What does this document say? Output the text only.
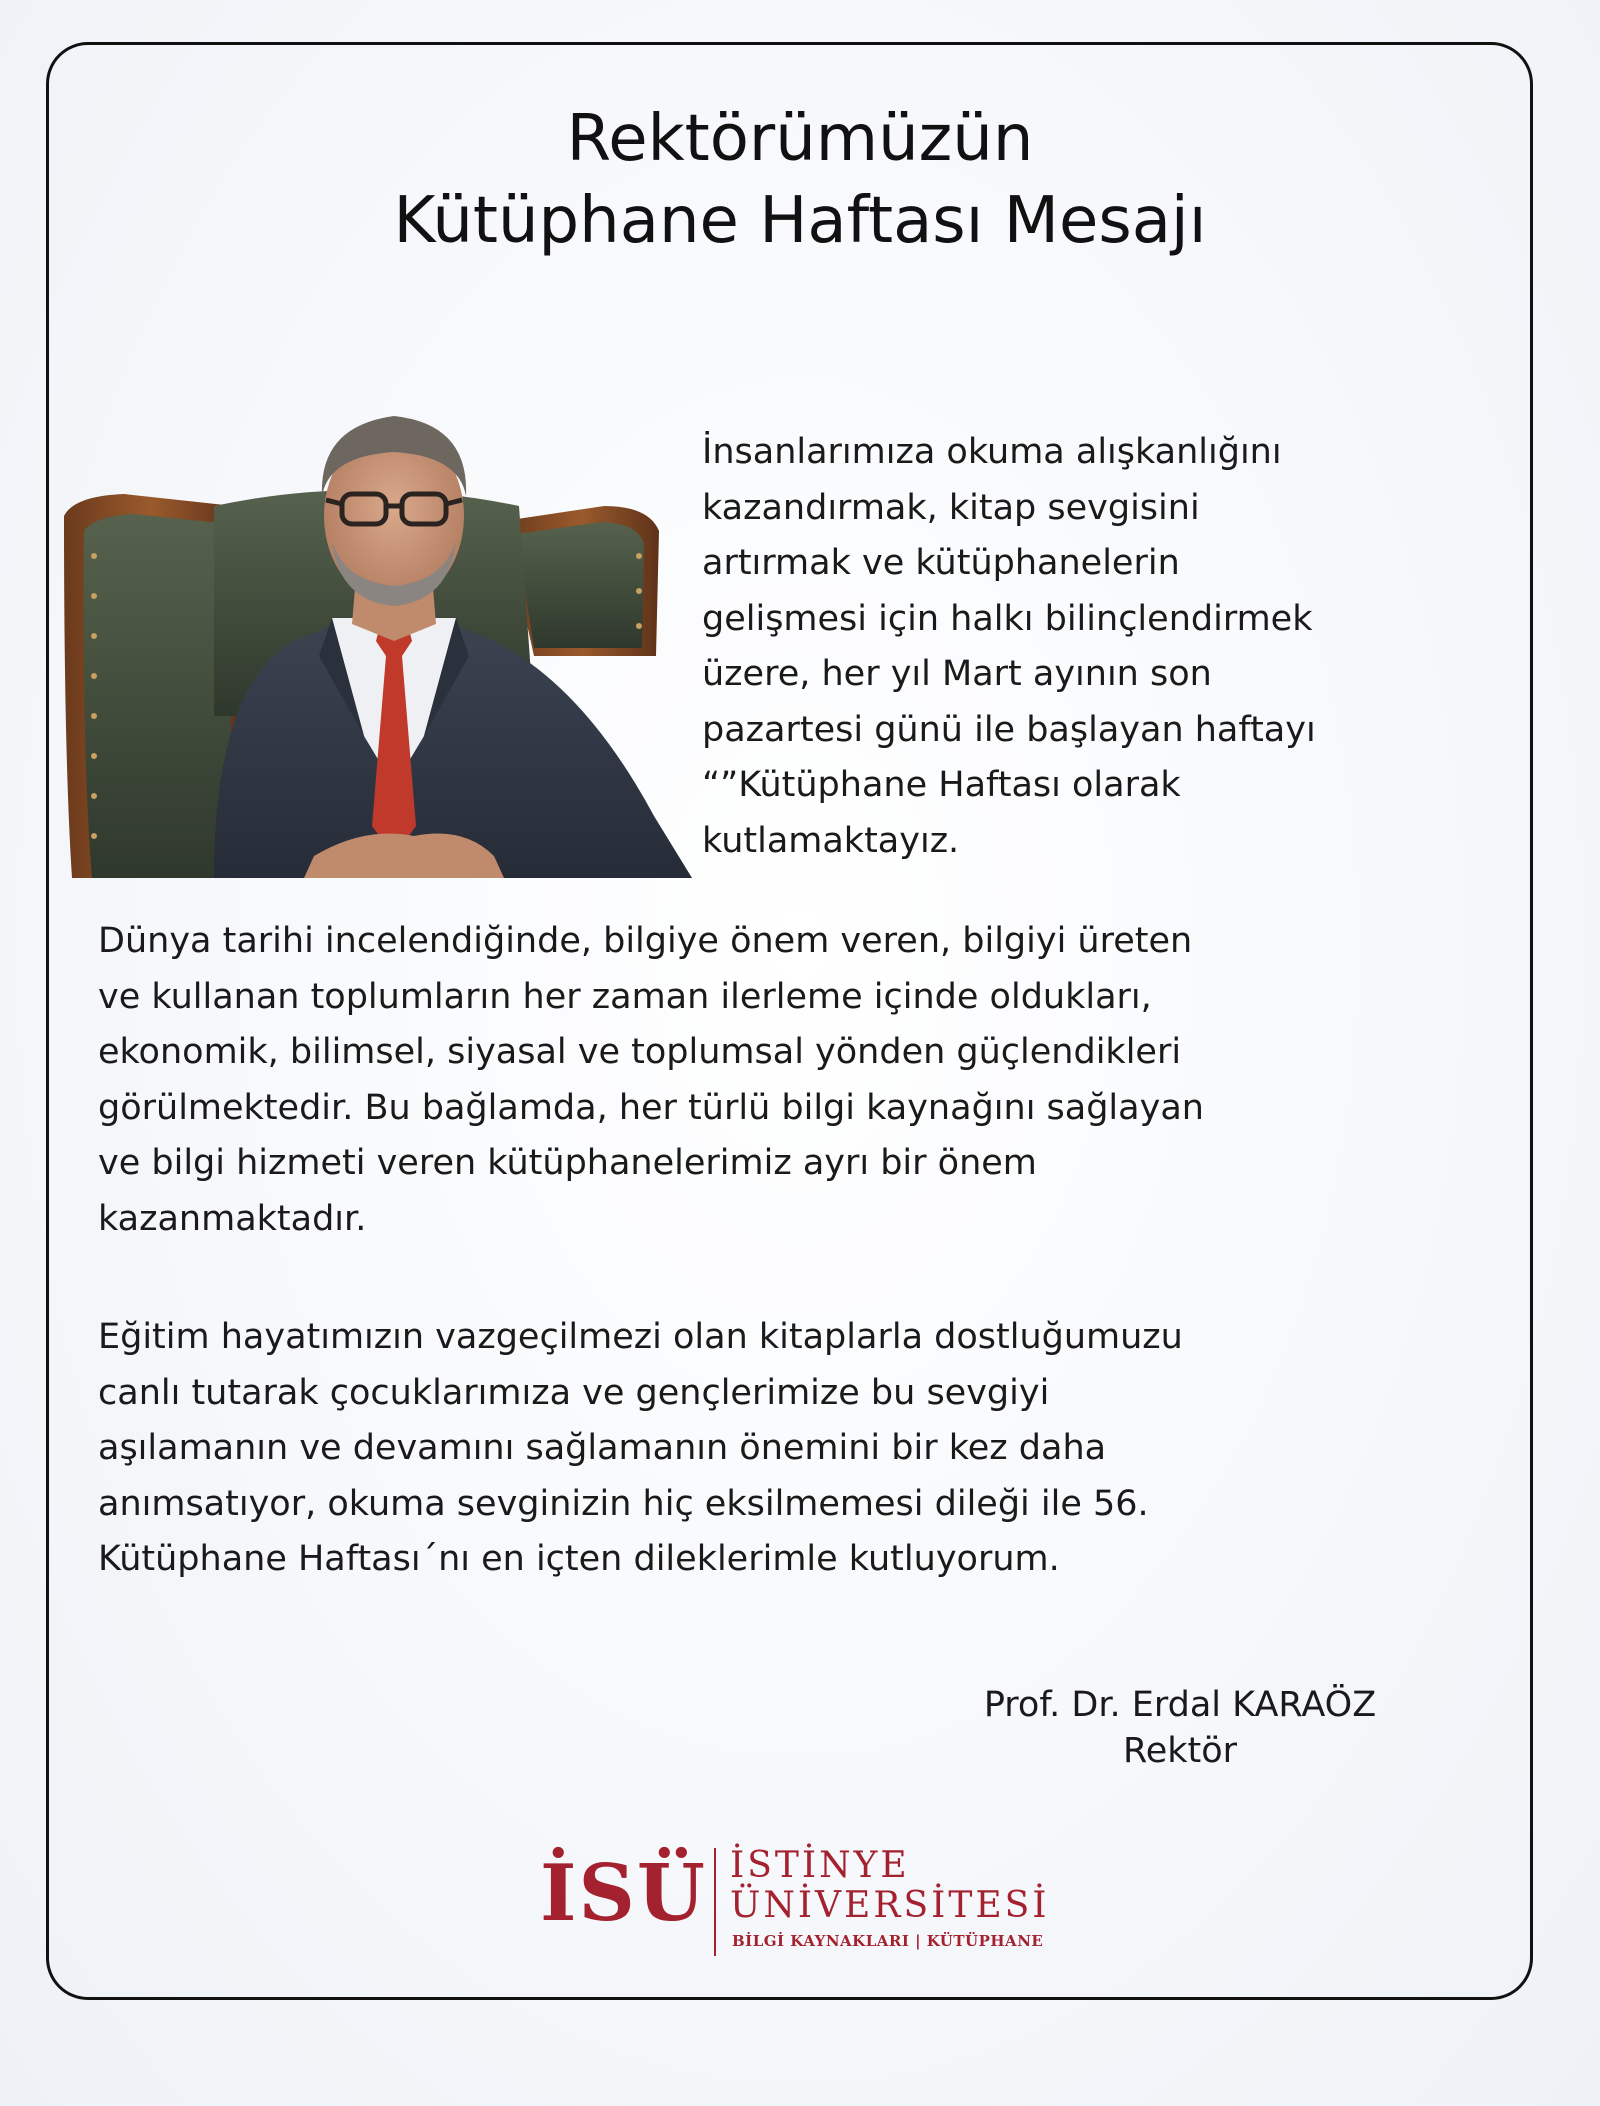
Rektörümüzün
Kütüphane Haftası Mesajı
İnsanlarımıza okuma alışkanlığını
kazandırmak, kitap sevgisini
artırmak ve kütüphanelerin
gelişmesi için halkı bilinçlendirmek
üzere, her yıl Mart ayının son
pazartesi günü ile başlayan haftayı
“”Kütüphane Haftası olarak
kutlamaktayız.
Dünya tarihi incelendiğinde, bilgiye önem veren, bilgiyi üreten
ve kullanan toplumların her zaman ilerleme içinde oldukları,
ekonomik, bilimsel, siyasal ve toplumsal yönden güçlendikleri
görülmektedir. Bu bağlamda, her türlü bilgi kaynağını sağlayan
ve bilgi hizmeti veren kütüphanelerimiz ayrı bir önem
kazanmaktadır.
Eğitim hayatımızın vazgeçilmezi olan kitaplarla dostluğumuzu
canlı tutarak çocuklarımıza ve gençlerimize bu sevgiyi
aşılamanın ve devamını sağlamanın önemini bir kez daha
anımsatıyor, okuma sevginizin hiç eksilmemesi dileği ile 56.
Kütüphane Haftası´nı en içten dileklerimle kutluyorum.
Prof. Dr. Erdal KARAÖZ
Rektör
İSÜ İSTİNYE
ÜNİVERSİTESİ
BİLGİ KAYNAKLARI | KÜTÜPHANE
